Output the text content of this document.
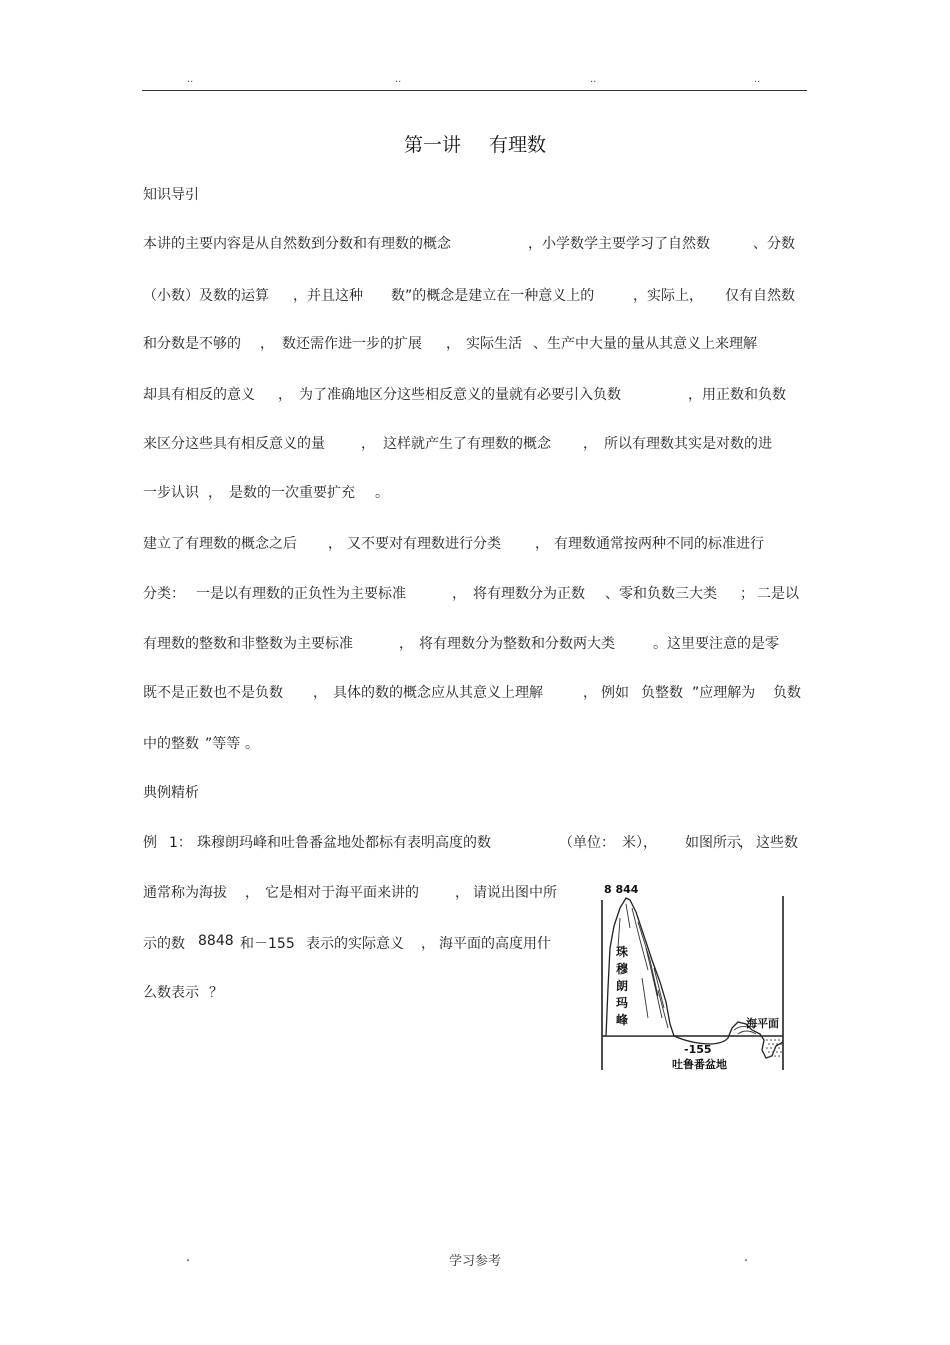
..	..	..	..
第一讲 有理数
知识导引
本讲的主要内容是从自然数到分数和有理数的概念	，小学数学主要学习了自然数	、分数
（小数）及数的运算 ，并且这种 数”的概念是建立在一种意义上的	，实际上， 仅有自然数
和分数是不够的 ， 数还需作进一步的扩展 ， 实际生活 、生产中大量的量从其意义上来理解
却具有相反的意义 ， 为了准确地区分这些相反意义的量就有必要引入负数	，用正数和负数
来区分这些具有相反意义的量	， 这样就产生了有理数的概念 ， 所以有理数其实是对数的进
一步认识 ， 是数的一次重要扩充 。
建立了有理数的概念之后 ， 又不要对有理数进行分类 ， 有理数通常按两种不同的标准进行
分类： 一是以有理数的正负性为主要标准	， 将有理数分为正数 、零和负数三大类 ； 二是以
有理数的整数和非整数为主要标准	， 将有理数分为整数和分数两大类	。这里要注意的是零
既不是正数也不是负数 ， 具体的数的概念应从其意义上理解	， 例如 负整数 ”应理解为 负数
中的整数 ”等等 。
典例精析
例 1： 珠穆朗玛峰和吐鲁番盆地处都标有表明高度的数	（单位： 米）， 如图所示
， 这些数
通常称为海拔 ， 它是相对于海平面来讲的	， 请说出图中所
示的数 8848 和－155 表示的实际意义 ， 海平面的高度用什
么数表示 ？
8 844
珠
穆
朗
玛
峰	海平面
-155
吐鲁番盆地
.	学习参考	.
